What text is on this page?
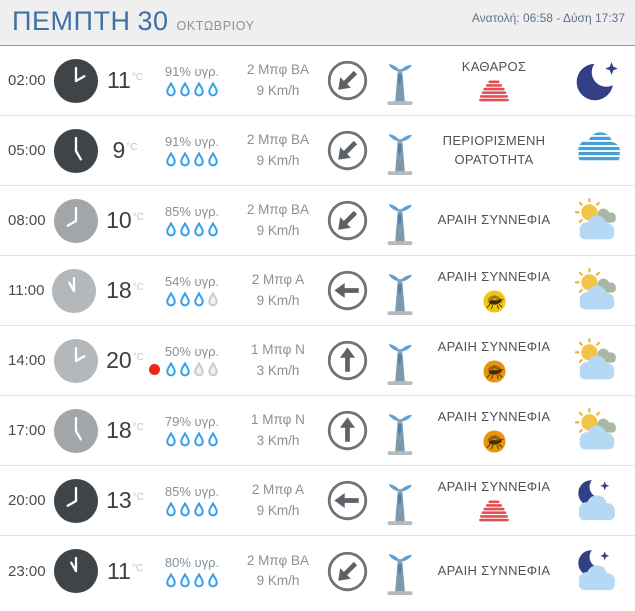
ΠΕΜΠΤΗ 30 ΟΚΤΩΒΡΙΟΥ
Ανατολή: 06:58 - Δύση 17:37
02:00	11 °C 91% υγρ. 2 Μπφ ΒΑ
9 Km/h
ΚΑΘΑΡΟΣ
05:00	9 °C 91% υγρ. 2 Μπφ ΒΑ
9 Km/h
ΠΕΡΙΟΡΙΣΜΕΝΗ ΟΡΑΤΟΤΗΤΑ
08:00	10 °C 85% υγρ. 2 Μπφ ΒΑ
9 Km/h
ΑΡΑΙΗ ΣΥΝΝΕΦΙΑ
11:00	18 °C 54% υγρ. 2 Μπφ Α
9 Km/h
ΑΡΑΙΗ ΣΥΝΝΕΦΙΑ
14:00	20 °C 50% υγρ. 1 Μπφ Ν
3 Km/h
ΑΡΑΙΗ ΣΥΝΝΕΦΙΑ
17:00	18 °C 79% υγρ. 1 Μπφ Ν
3 Km/h
ΑΡΑΙΗ ΣΥΝΝΕΦΙΑ
20:00	13 °C 85% υγρ. 2 Μπφ Α
9 Km/h
ΑΡΑΙΗ ΣΥΝΝΕΦΙΑ
23:00	11 °C 80% υγρ. 2 Μπφ ΒΑ
9 Km/h
ΑΡΑΙΗ ΣΥΝΝΕΦΙΑ
